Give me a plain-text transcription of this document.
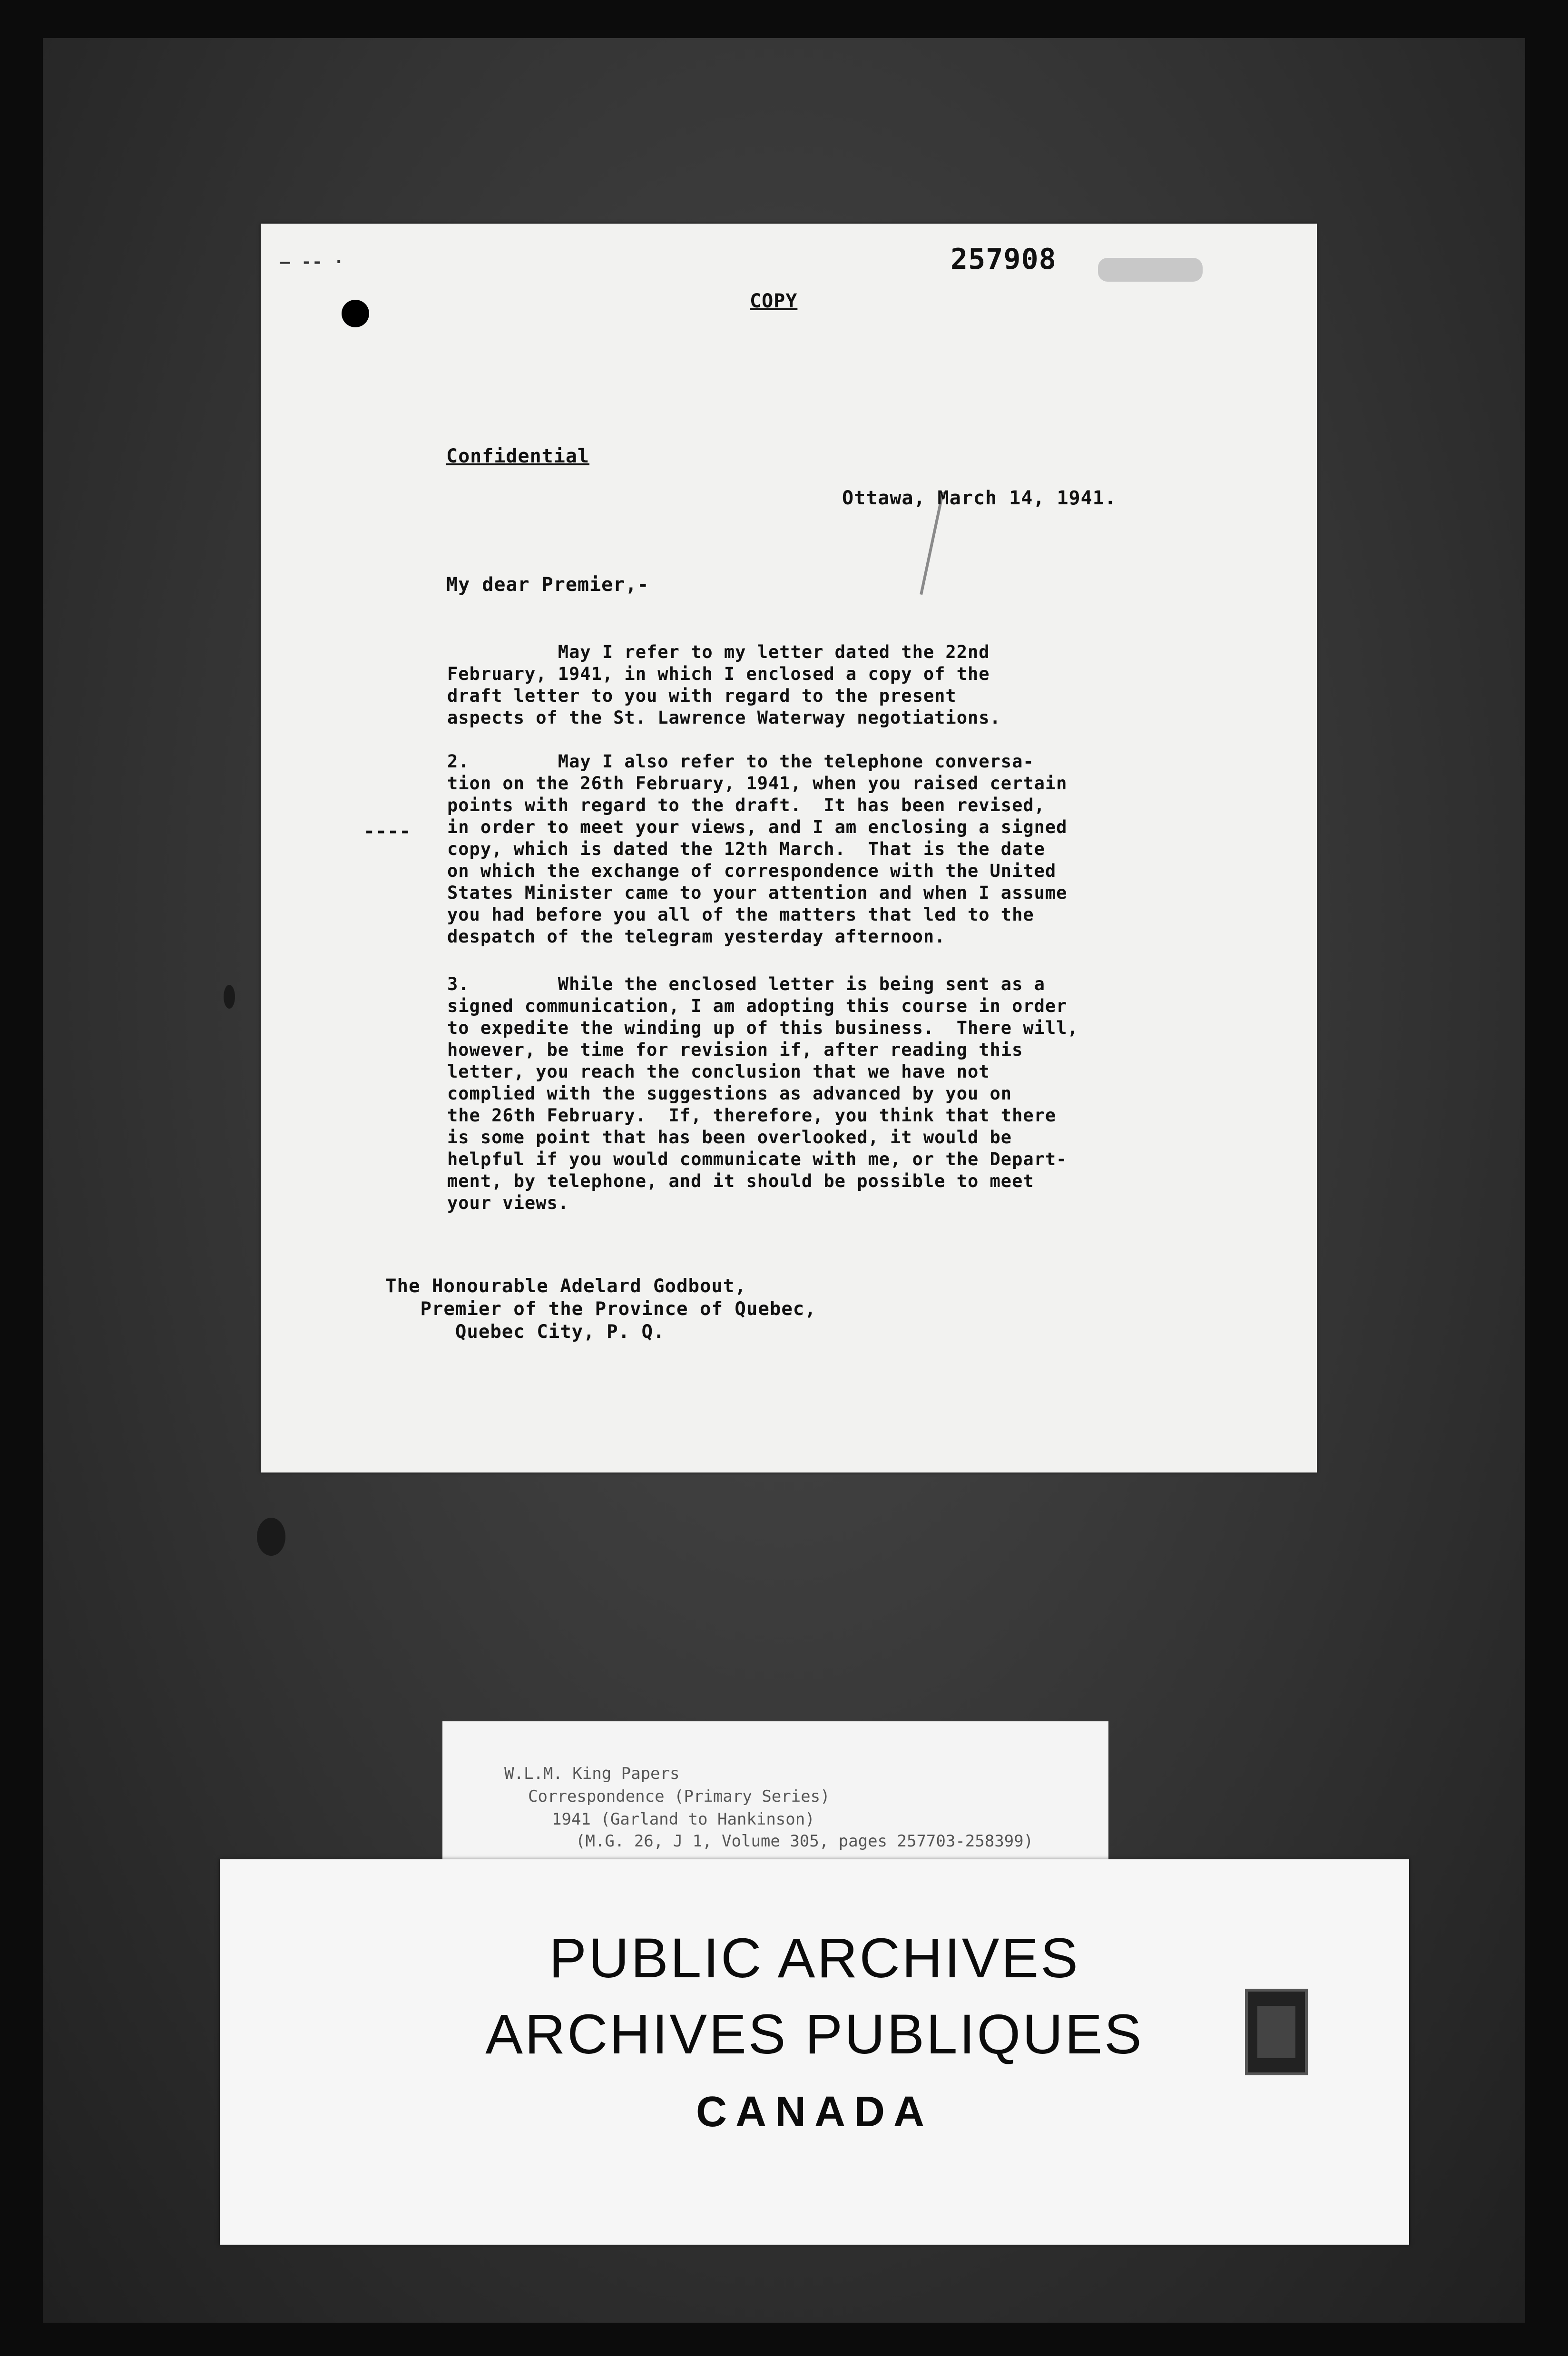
— -- ·	257908
COPY
Confidential
Ottawa, March 14, 1941.
My dear Premier,-
May I refer to my letter dated the 22nd
February, 1941, in which I enclosed a copy of the
draft letter to you with regard to the present
aspects of the St. Lawrence Waterway negotiations.
----
2.        May I also refer to the telephone conversa-
tion on the 26th February, 1941, when you raised certain
points with regard to the draft.  It has been revised,
in order to meet your views, and I am enclosing a signed
copy, which is dated the 12th March.  That is the date
on which the exchange of correspondence with the United
States Minister came to your attention and when I assume
you had before you all of the matters that led to the
despatch of the telegram yesterday afternoon.
3.        While the enclosed letter is being sent as a
signed communication, I am adopting this course in order
to expedite the winding up of this business.  There will,
however, be time for revision if, after reading this
letter, you reach the conclusion that we have not
complied with the suggestions as advanced by you on
the 26th February.  If, therefore, you think that there
is some point that has been overlooked, it would be
helpful if you would communicate with me, or the Depart-
ment, by telephone, and it should be possible to meet
your views.
The Honourable Adelard Godbout,
Premier of the Province of Quebec,
Quebec City, P. Q.
W.L.M. King Papers
Correspondence (Primary Series)
1941 (Garland to Hankinson)
(M.G. 26, J 1, Volume 305, pages 257703-258399)
PUBLIC ARCHIVES
ARCHIVES PUBLIQUES
CANADA
